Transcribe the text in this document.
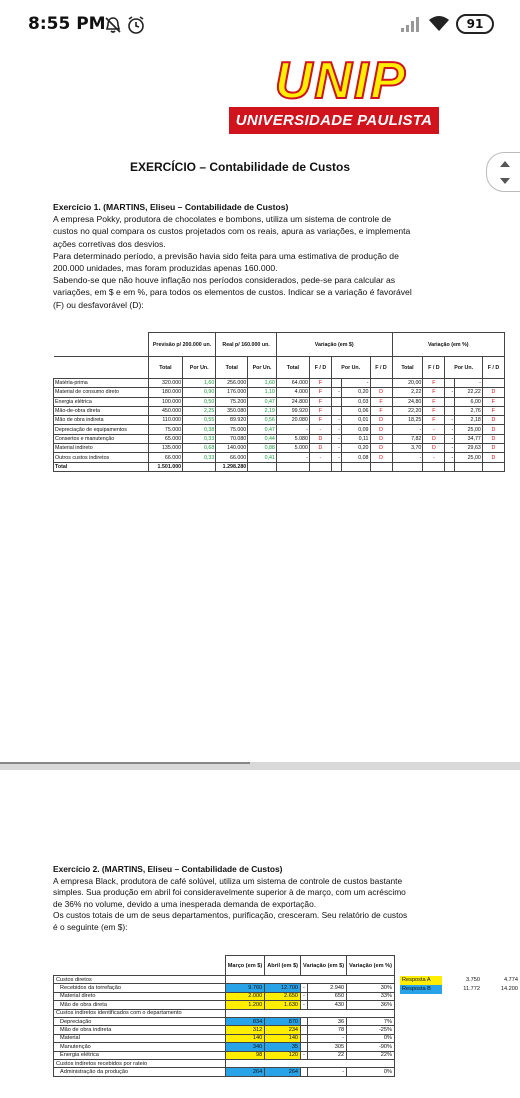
8:55 PM	91
UNIP
UNIVERSIDADE PAULISTA
EXERCÍCIO – Contabilidade de Custos
Exercício 1. (MARTINS, Eliseu – Contabilidade de Custos)
A empresa Pokky, produtora de chocolates e bombons, utiliza um sistema de controle de
custos no qual compara os custos projetados com os reais, apura as variações, e implementa
ações corretivas dos desvios.
Para determinado período, a previsão havia sido feita para uma estimativa de produção de
200.000 unidades, mas foram produzidas apenas 160.000.
Sabendo-se que não houve inflação nos períodos considerados, pede-se para calcular as
variações, em $ e em %, para todos os elementos de custos. Indicar se a variação é favorável
(F) ou desfavorável (D):
	Previsão p/ 200.000 un.		Real p/ 160.000 un.		Variação (em $)					Variação (em %)				
	Total	Por Un.	Total	Por Un.	Total	F / D	Por Un.		F / D	Total	F / D	Por Un.		F / D
Matéria-prima	320.000	1,60	256.000	1,60	64.000	F		-		20,00	F		-	
Material de consumo direto	180.000	0,90	176.000	1,10	4.000	F	-	0,20	D	2,22	F	-	22,22	D
Energia elétrica	100.000	0,50	75.200	0,47	24.800	F		0,03	F	24,80	F		6,00	F
Mão-de-obra direta	450.000	2,25	350.080	2,19	99.920	F		0,06	F	22,20	F		2,76	F
Mão de obra indireta	110.000	0,55	89.920	0,56	20.080	F	-	0,01	D	18,25	F	-	2,18	D
Depreciação de equipamentos	75.000	0,38	75.000	0,47	-	-	-	0,09	D	-	-	-	25,00	D
Consertos e manutenção	65.000	0,33	70.080	0,44	5.080	D	-	0,11	D	7,82	D	-	34,77	D
Material indireto	135.000	0,68	140.000	0,88	5.000	D	-	0,20	D	3,70	D	-	29,63	D
Outros custos indiretos	66.000	0,33	66.000	0,41	-	-	-	0,08	D	-	-	-	25,00	D
Total	1.501.000		1.298.280											
Exercício 2. (MARTINS, Eliseu – Contabilidade de Custos)
A empresa Black, produtora de café solúvel, utiliza um sistema de controle de custos bastante
simples. Sua produção em abril foi consideravelmente superior à de março, com um acréscimo
de 36% no volume, devido a uma inesperada demanda de exportação.
Os custos totais de um de seus departamentos, purificação, cresceram. Seu relatório de custos
é o seguinte (em $):
	Março (em $)	Abril (em $)	Variação (em $)		Variação (em %)
Custos diretos					
Recebidos da torrefação	9.760	12.700	-	2.940	30%
Material direto	2.000	2.650	-	650	33%
Mão de obra direta	1.200	1.630	-	430	36%
Custos indiretos identificados com o departamento					
Depreciação	834	870		36	7%
Mão de obra indireta	312	234		78	-25%
Material	140	140		-	0%
Manutenção	340	35		305	-90%
Energia elétrica	98	120	-	22	22%
Custos indiretos recebidos por rateio					
Administração da produção	264	264		-	0%
Resposta A	3.750	4.774
Resposta B	11.772	14.200
